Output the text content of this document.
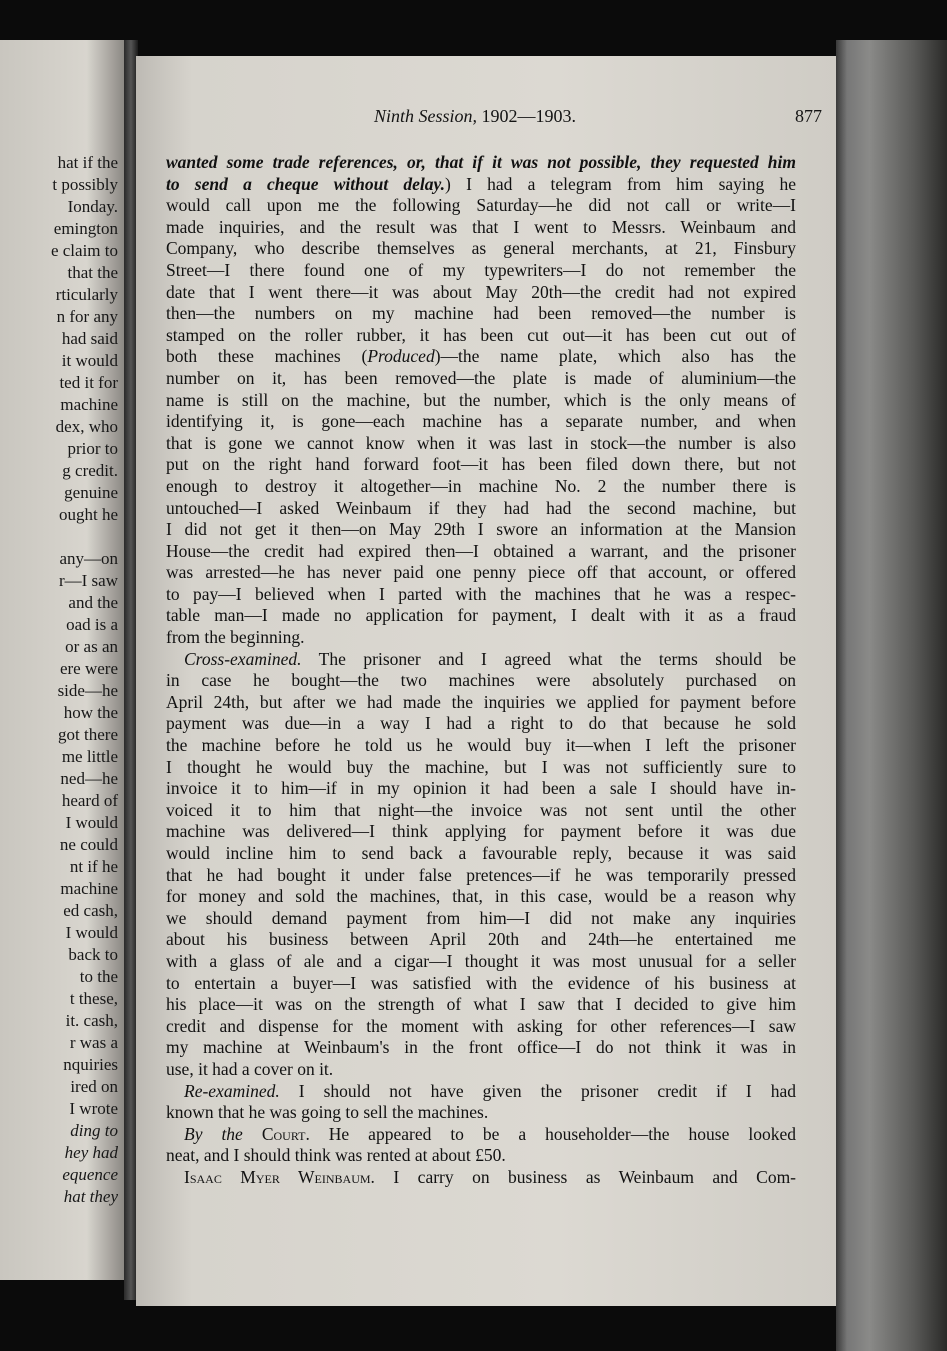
hat if the
t possibly
Ionday.
emington
e claim to
that the
rticularly
n for any
had said
it would
ted it for
machine
dex, who
prior to
g credit.
genuine
ought he

any—on
r—I saw
and the
oad is a
or as an
ere were
side—he
how the
got there
me little
ned—he
heard of
I would
ne could
nt if he
machine
ed cash,
I would
back to
to the
t these,
it. cash,
r was a
nquiries
ired on
I wrote
ding to
hey had
equence
hat they
Ninth Session, 1902—1903.	877
wanted some trade references, or, that if it was not possible, they requested him
to send a cheque without delay.) I had a telegram from him saying he
would call upon me the following Saturday—he did not call or write—I
made inquiries, and the result was that I went to Messrs. Weinbaum and
Company, who describe themselves as general merchants, at 21, Finsbury
Street—I there found one of my typewriters—I do not remember the
date that I went there—it was about May 20th—the credit had not expired
then—the numbers on my machine had been removed—the number is
stamped on the roller rubber, it has been cut out—it has been cut out of
both these machines (Produced)—the name plate, which also has the
number on it, has been removed—the plate is made of aluminium—the
name is still on the machine, but the number, which is the only means of
identifying it, is gone—each machine has a separate number, and when
that is gone we cannot know when it was last in stock—the number is also
put on the right hand forward foot—it has been filed down there, but not
enough to destroy it altogether—in machine No. 2 the number there is
untouched—I asked Weinbaum if they had had the second machine, but
I did not get it then—on May 29th I swore an information at the Mansion
House—the credit had expired then—I obtained a warrant, and the prisoner
was arrested—he has never paid one penny piece off that account, or offered
to pay—I believed when I parted with the machines that he was a respec-
table man—I made no application for payment, I dealt with it as a fraud
from the beginning.
Cross-examined. The prisoner and I agreed what the terms should be
in case he bought—the two machines were absolutely purchased on
April 24th, but after we had made the inquiries we applied for payment before
payment was due—in a way I had a right to do that because he sold
the machine before he told us he would buy it—when I left the prisoner
I thought he would buy the machine, but I was not sufficiently sure to
invoice it to him—if in my opinion it had been a sale I should have in-
voiced it to him that night—the invoice was not sent until the other
machine was delivered—I think applying for payment before it was due
would incline him to send back a favourable reply, because it was said
that he had bought it under false pretences—if he was temporarily pressed
for money and sold the machines, that, in this case, would be a reason why
we should demand payment from him—I did not make any inquiries
about his business between April 20th and 24th—he entertained me
with a glass of ale and a cigar—I thought it was most unusual for a seller
to entertain a buyer—I was satisfied with the evidence of his business at
his place—it was on the strength of what I saw that I decided to give him
credit and dispense for the moment with asking for other references—I saw
my machine at Weinbaum's in the front office—I do not think it was in
use, it had a cover on it.
Re-examined. I should not have given the prisoner credit if I had
known that he was going to sell the machines.
By the Court. He appeared to be a householder—the house looked
neat, and I should think was rented at about £50.
Isaac Myer Weinbaum. I carry on business as Weinbaum and Com-
